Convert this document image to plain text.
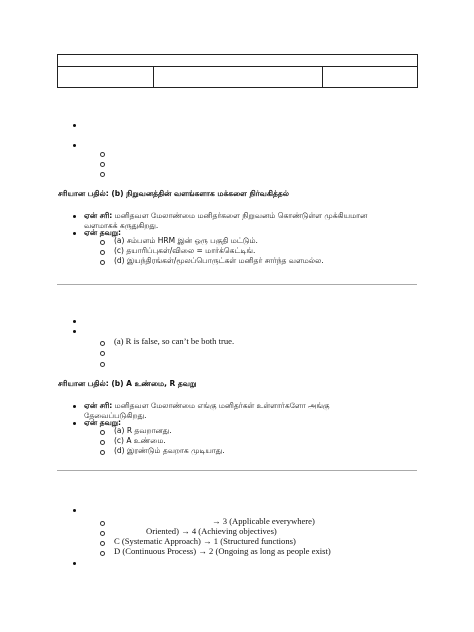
சரியான பதில்: (b) நிறுவனத்தின் வளங்களாக மக்களை நிர்வகித்தல்
ஏன் சரி: மனிதவள மேலாண்மை மனிதர்களை நிறுவனம் கொண்டுள்ள முக்கியமான
வளமாகக் கருதுகிறது.
ஏன் தவறு:
(a) சம்பளம் HRM இன் ஒரு பகுதி மட்டும்.
(c) தயாரிப்புகள்/விலை = மார்க்கெட்டிங்.
(d) இயந்திரங்கள்/மூலப்பொருட்கள் மனிதர் சார்ந்த வளமல்ல.
(a) R is false, so can’t be both true.
சரியான பதில்: (b) A உண்மை, R தவறு
ஏன் சரி: மனிதவள மேலாண்மை எங்கு மனிதர்கள் உள்ளார்களோ அங்கு
தேவைப்படுகிறது.
ஏன் தவறு:
(a) R தவறானது.
(c) A உண்மை.
(d) இரண்டும் தவறாக முடியாது.
→ 3 (Applicable everywhere)
Oriented) → 4 (Achieving objectives)
C (Systematic Approach) → 1 (Structured functions)
D (Continuous Process) → 2 (Ongoing as long as people exist)
